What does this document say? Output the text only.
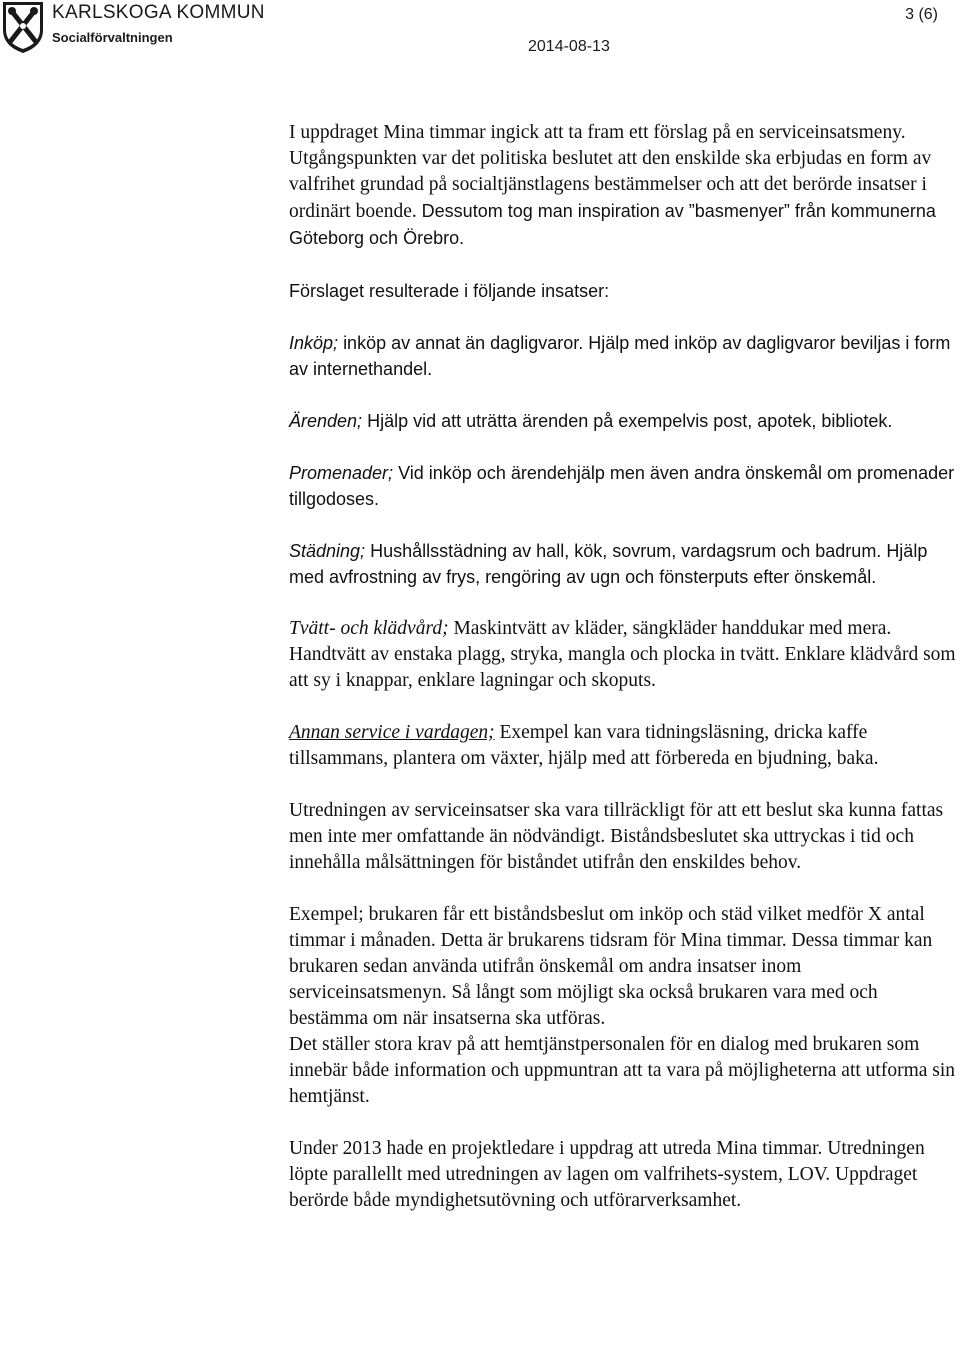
KARLSKOGA KOMMUN
Socialförvaltningen
2014-08-13
3 (6)

I uppdraget Mina timmar ingick att ta fram ett förslag på en serviceinsatsmeny. Utgångspunkten var det politiska beslutet att den enskilde ska erbjudas en form av valfrihet grundad på socialtjänstlagens bestämmelser och att det berörde insatser i ordinärt boende. Dessutom tog man inspiration av ”basmenyer” från kommunerna Göteborg och Örebro.

Förslaget resulterade i följande insatser:

Inköp; inköp av annat än dagligvaror. Hjälp med inköp av dagligvaror beviljas i form av internethandel.

Ärenden; Hjälp vid att uträtta ärenden på exempelvis post, apotek, bibliotek.

Promenader; Vid inköp och ärendehjälp men även andra önskemål om promenader tillgodoses.

Städning; Hushållsstädning av hall, kök, sovrum, vardagsrum och badrum. Hjälp med avfrostning av frys, rengöring av ugn och fönsterputs efter önskemål.

Tvätt- och klädvård; Maskintvätt av kläder, sängkläder handdukar med mera. Handtvätt av enstaka plagg, stryka, mangla och plocka in tvätt. Enklare klädvård som att sy i knappar, enklare lagningar och skoputs.

Annan service i vardagen; Exempel kan vara tidningsläsning, dricka kaffe tillsammans, plantera om växter, hjälp med att förbereda en bjudning, baka.

Utredningen av serviceinsatser ska vara tillräckligt för att ett beslut ska kunna fattas men inte mer omfattande än nödvändigt. Biståndsbeslutet ska uttryckas i tid och innehålla målsättningen för biståndet utifrån den enskildes behov.

Exempel; brukaren får ett biståndsbeslut om inköp och städ vilket medför X antal timmar i månaden. Detta är brukarens tidsram för Mina timmar. Dessa timmar kan brukaren sedan använda utifrån önskemål om andra insatser inom serviceinsatsmenyn. Så långt som möjligt ska också brukaren vara med och bestämma om när insatserna ska utföras.
Det ställer stora krav på att hemtjänstpersonalen för en dialog med brukaren som innebär både information och uppmuntran att ta vara på möjligheterna att utforma sin hemtjänst.

Under 2013 hade en projektledare i uppdrag att utreda Mina timmar. Utredningen löpte parallellt med utredningen av lagen om valfrihets-system, LOV. Uppdraget berörde både myndighetsutövning och utförarverksamhet.
